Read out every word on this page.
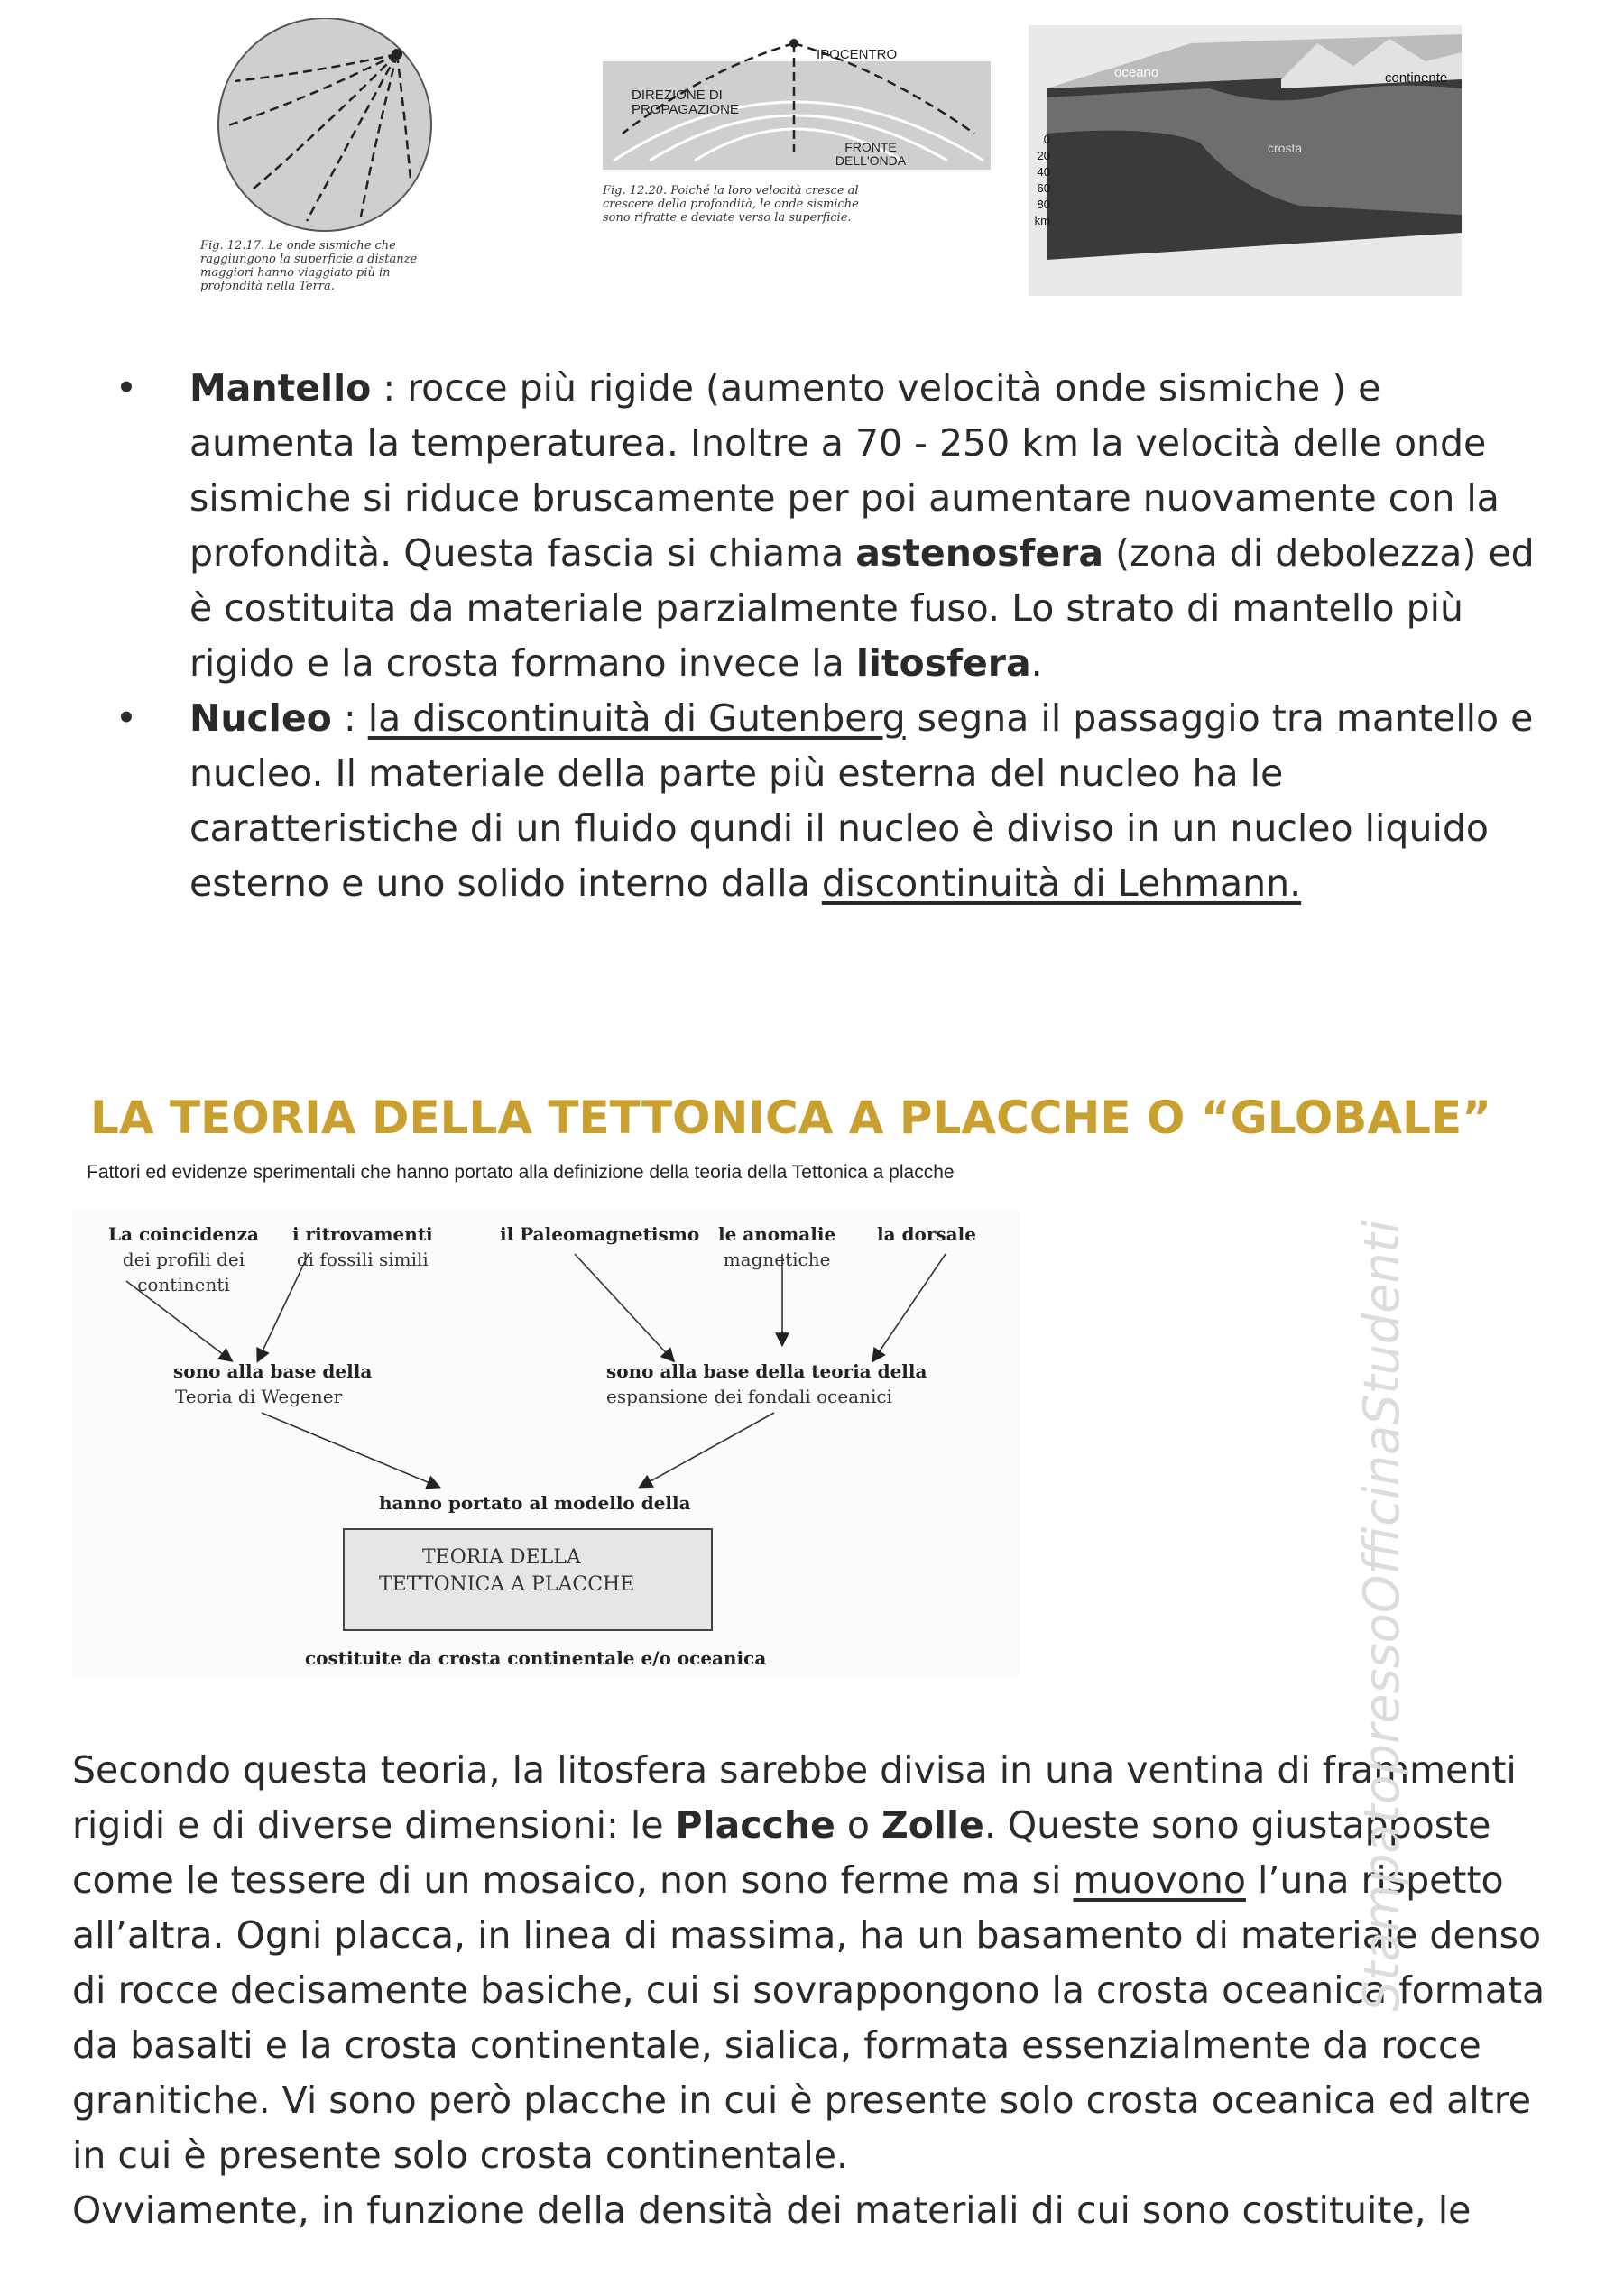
Fig. 12.17. Le onde sismiche che raggiungono la superficie a distanze maggiori hanno viaggiato più in profondità nella Terra.
IPOCENTRO
DIREZIONE DI PROPAGAZIONE
FRONTE DELL'ONDA
Fig. 12.20. Poiché la loro velocità cresce al crescere della profondità, le onde sismiche sono rifratte e deviate verso la superficie.
oceano	continente
crosta
0
20
40
60
80
km

• Mantello : rocce più rigide (aumento velocità onde sismiche ) e aumenta la temperaturea. Inoltre a 70 - 250 km la velocità delle onde sismiche si riduce bruscamente per poi aumentare nuovamente con la profondità. Questa fascia si chiama astenosfera (zona di debolezza) ed è costituita da materiale parzialmente fuso. Lo strato di mantello più rigido e la crosta formano invece la litosfera.

• Nucleo : la discontinuità di Gutenberg segna il passaggio tra mantello e nucleo. Il materiale della parte più esterna del nucleo ha le caratteristiche di un fluido qundi il nucleo è diviso in un nucleo liquido esterno e uno solido interno dalla discontinuità di Lehmann.

LA TEORIA DELLA TETTONICA A PLACCHE O “GLOBALE”
Fattori ed evidenze sperimentali che hanno portato alla definizione della teoria della Tettonica a placche
La coincidenza
dei profili dei
continenti
i ritrovamenti
di fossili simili
il Paleomagnetismo le anomalie
magnetiche
la dorsale
sono alla base della
Teoria di Wegener
sono alla base della teoria della
espansione dei fondali oceanici
hanno portato al modello della
TEORIA DELLA
TETTONICA A PLACCHE
costituite da crosta continentale e/o oceanica

Secondo questa teoria, la litosfera sarebbe divisa in una ventina di frammenti rigidi e di diverse dimensioni: le Placche o Zolle. Queste sono giustapposte come le tessere di un mosaico, non sono ferme ma si muovono l’una rispetto all’altra. Ogni placca, in linea di massima, ha un basamento di materiale denso di rocce decisamente basiche, cui si sovrappongono la crosta oceanica formata da basalti e la crosta continentale, sialica, formata essenzialmente da rocce granitiche. Vi sono però placche in cui è presente solo crosta oceanica ed altre in cui è presente solo crosta continentale.

Ovviamente, in funzione della densità dei materiali di cui sono costituite, le

StampatopressoOfficinaStudenti
